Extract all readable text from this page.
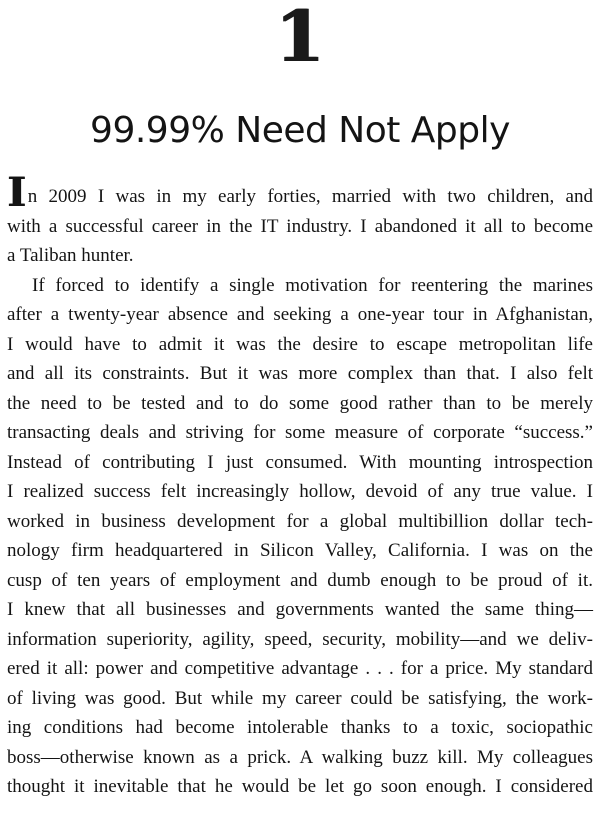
1
99.99% Need Not Apply
In 2009 I was in my early forties, married with two children, and
with a successful career in the IT industry. I abandoned it all to become
a Taliban hunter.
If forced to identify a single motivation for reentering the marines
after a twenty-year absence and seeking a one-year tour in Afghanistan,
I would have to admit it was the desire to escape metropolitan life
and all its constraints. But it was more complex than that. I also felt
the need to be tested and to do some good rather than to be merely
transacting deals and striving for some measure of corporate “success.”
Instead of contributing I just consumed. With mounting introspection
I realized success felt increasingly hollow, devoid of any true value. I
worked in business development for a global multibillion dollar tech-
nology firm headquartered in Silicon Valley, California. I was on the
cusp of ten years of employment and dumb enough to be proud of it.
I knew that all businesses and governments wanted the same thing—
information superiority, agility, speed, security, mobility—and we deliv-
ered it all: power and competitive advantage . . . for a price. My standard
of living was good. But while my career could be satisfying, the work-
ing conditions had become intolerable thanks to a toxic, sociopathic
boss—otherwise known as a prick. A walking buzz kill. My colleagues
thought it inevitable that he would be let go soon enough. I considered
